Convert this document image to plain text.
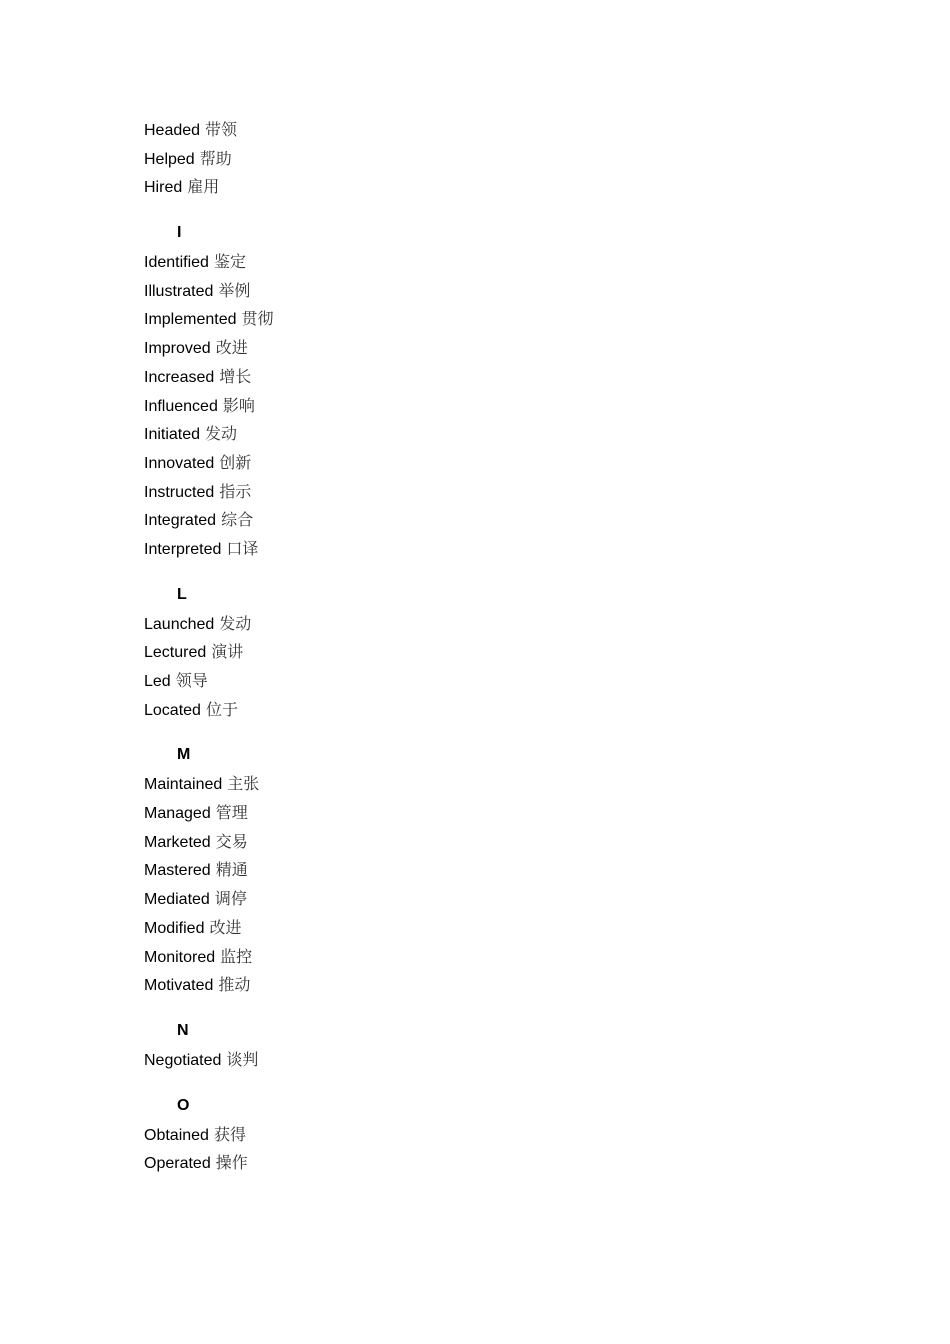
Headed 带领
Helped 帮助
Hired 雇用
I
Identified 鉴定
Illustrated 举例
Implemented 贯彻
Improved 改进
Increased 增长
Influenced 影响
Initiated 发动
Innovated 创新
Instructed 指示
Integrated 综合
Interpreted 口译
L
Launched 发动
Lectured 演讲
Led 领导
Located 位于
M
Maintained 主张
Managed 管理
Marketed 交易
Mastered 精通
Mediated 调停
Modified 改进
Monitored 监控
Motivated 推动
N
Negotiated 谈判
O
Obtained 获得
Operated 操作
